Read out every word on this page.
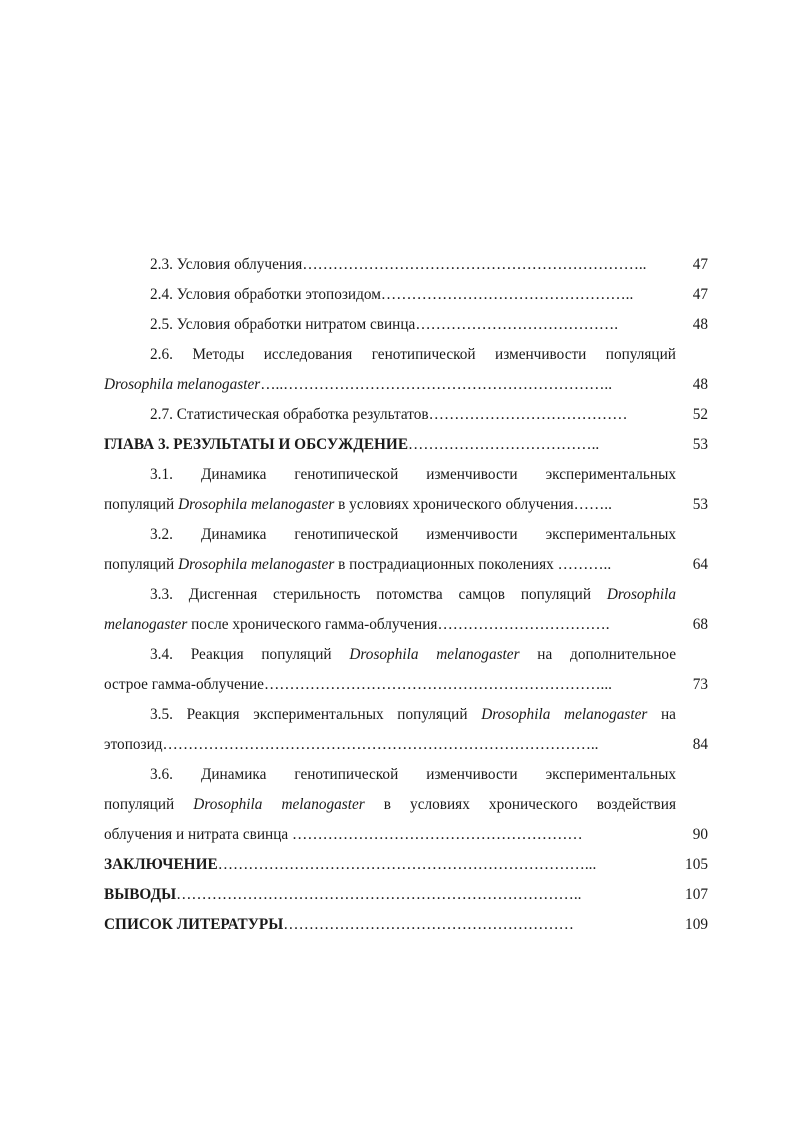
2.3. Условия облучения…………………………………………………………..	47
2.4. Условия обработки этопозидом…………………………………………..	47
2.5. Условия обработки нитратом свинца………………………………….	48
2.6. Методы исследования генотипической изменчивости популяций
Drosophila melanogaster…..………………………………………………………..	48
2.7. Статистическая обработка результатов…………………………………	52
ГЛАВА 3. РЕЗУЛЬТАТЫ И ОБСУЖДЕНИЕ………………………………..	53
3.1. Динамика генотипической изменчивости экспериментальных
популяций Drosophila melanogaster в условиях хронического облучения……..	53
3.2. Динамика генотипической изменчивости экспериментальных
популяций Drosophila melanogaster в пострадиационных поколениях ………..	64
3.3. Дисгенная стерильность потомства самцов популяций Drosophila
melanogaster после хронического гамма-облучения…………………………….	68
3.4. Реакция популяций Drosophila melanogaster на дополнительное
острое гамма-облучение…………………………………………………………...	73
3.5. Реакция экспериментальных популяций Drosophila melanogaster на
этопозид…………………………………………………………………………..	84
3.6. Динамика генотипической изменчивости экспериментальных
популяций Drosophila melanogaster в условиях хронического воздействия
облучения и нитрата свинца …………………………………………………	90
ЗАКЛЮЧЕНИЕ………………………………………………………………...	105
ВЫВОДЫ……………………………………………………………………..	107
СПИСОК ЛИТЕРАТУРЫ…………………………………………………	109
